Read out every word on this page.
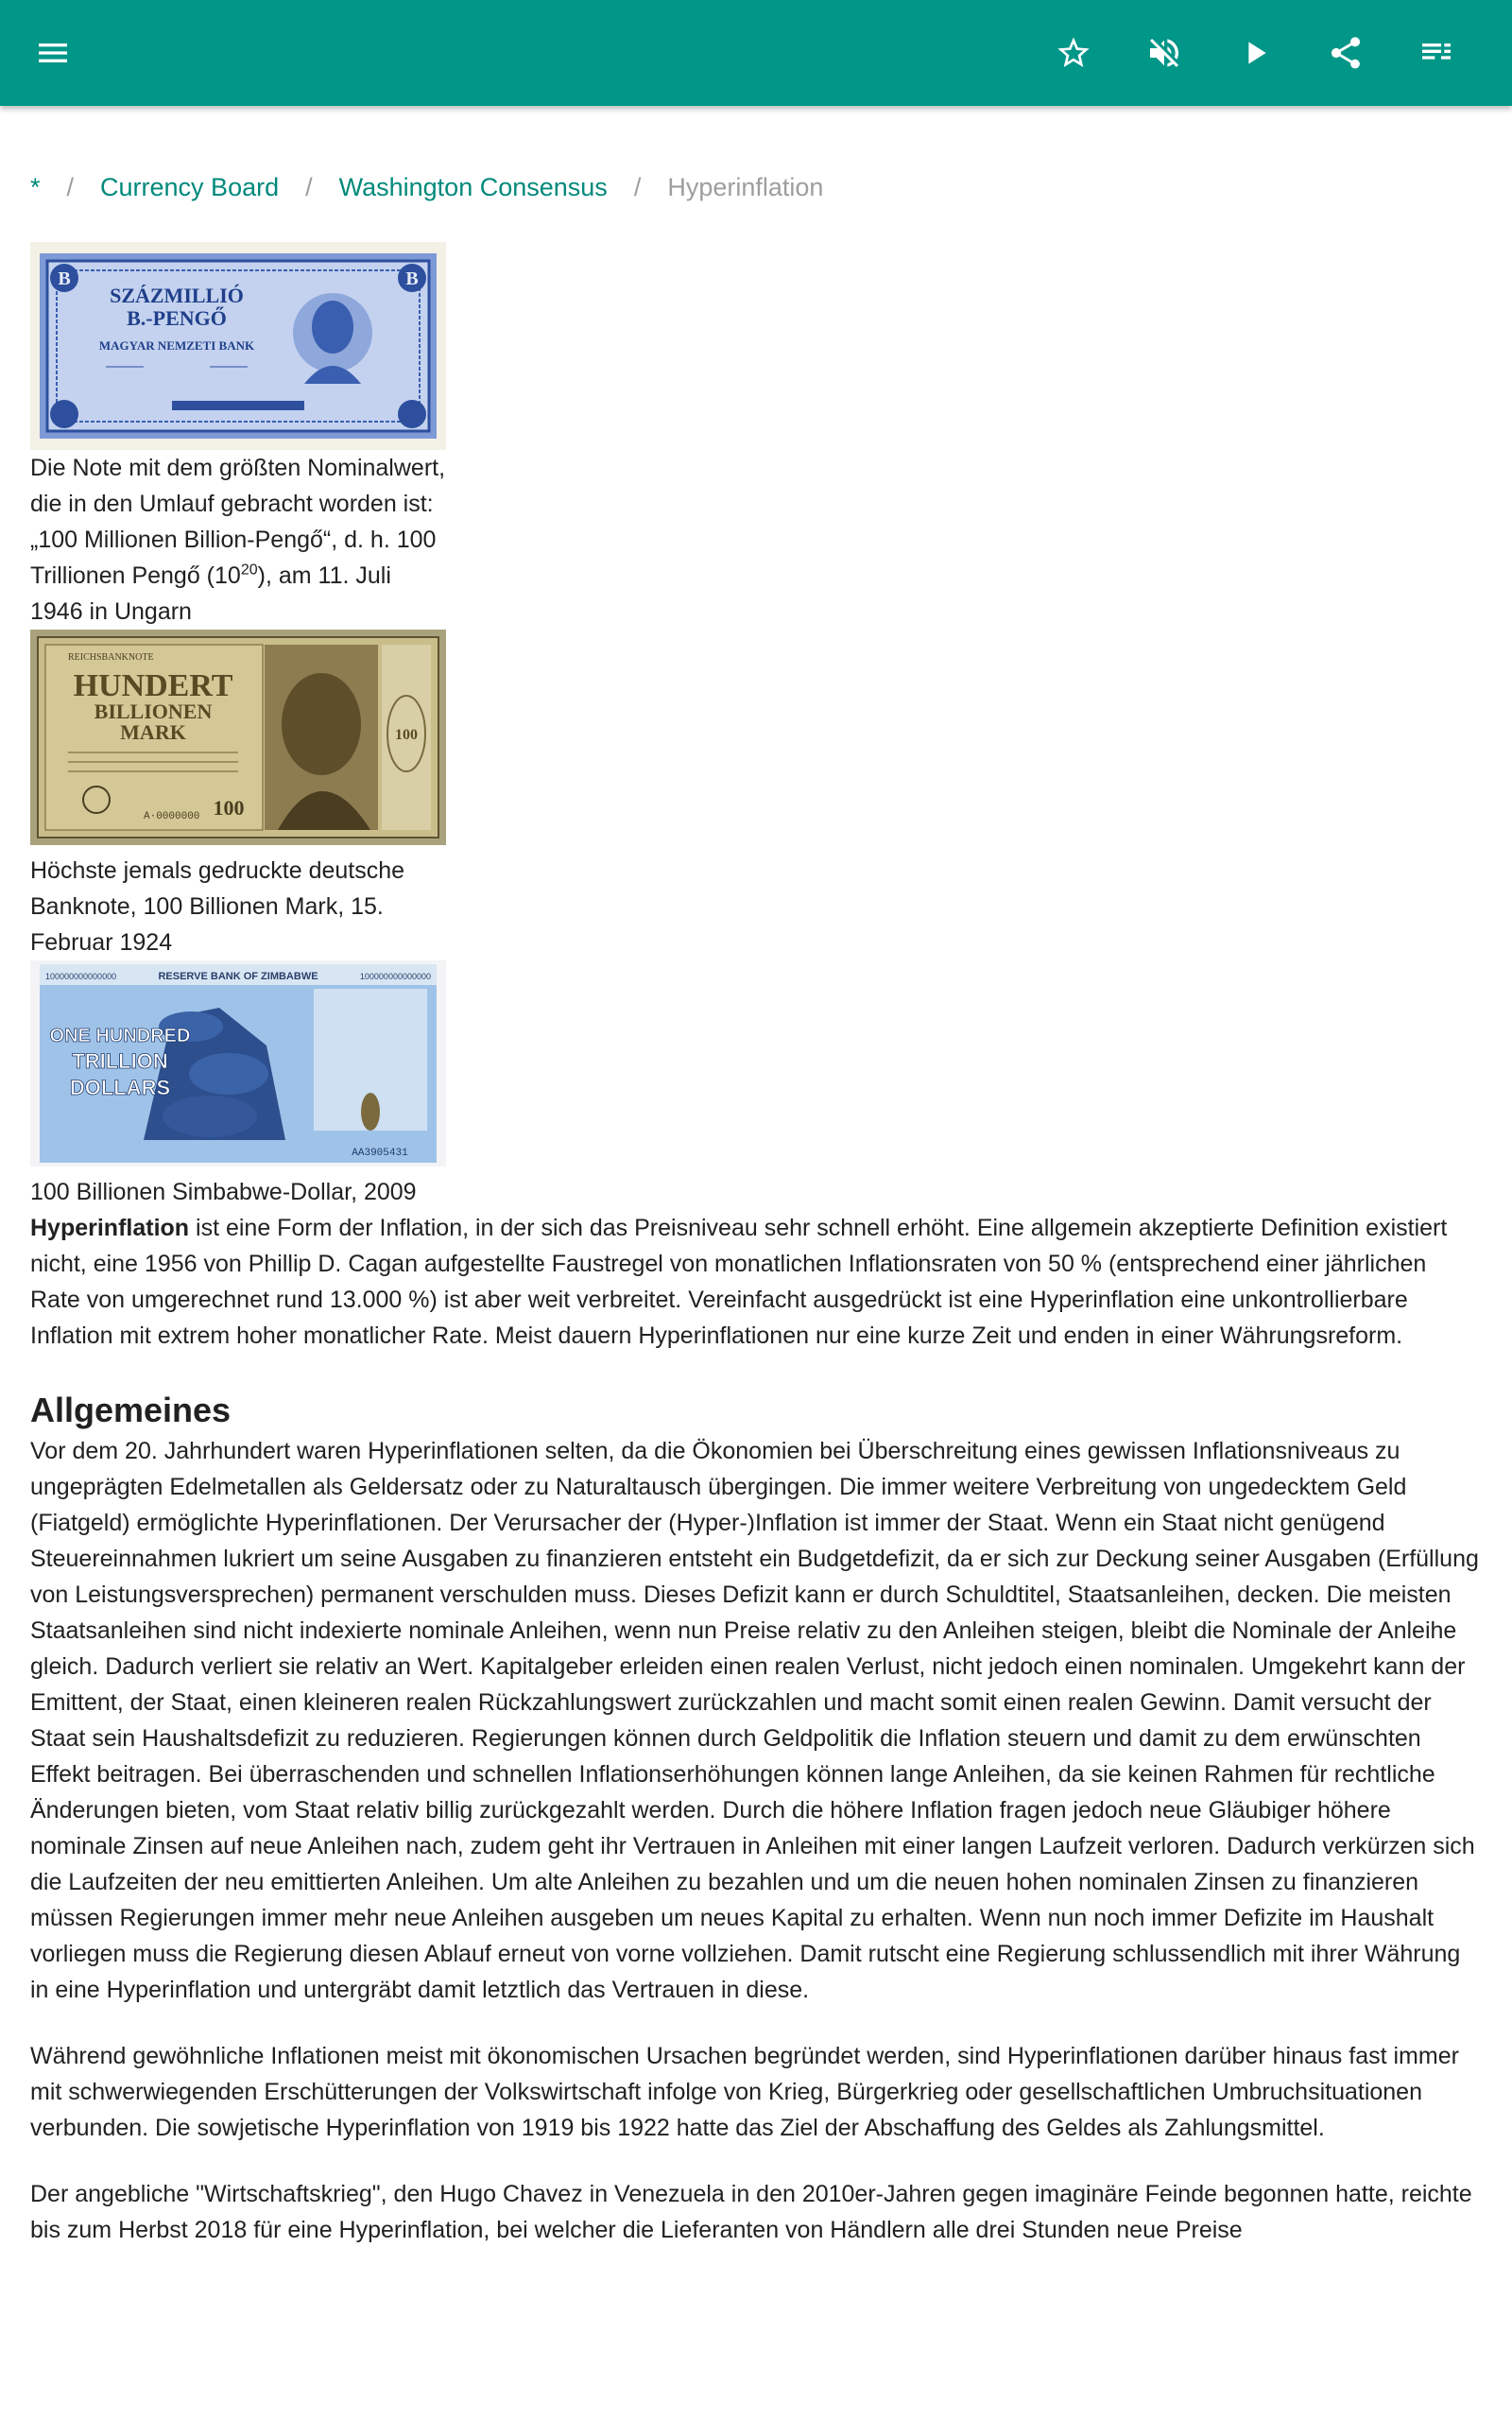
* / Currency Board / Washington Consensus / Hyperinflation
B	B
SZÁZMILLIÓ
B.-PENGŐ
MAGYAR NEMZETI BANK
Die Note mit dem größten Nominalwert, die in den Umlauf gebracht worden ist: „100 Millionen Billion-Pengő“, d. h. 100 Trillionen Pengő $(10^{20})$, am 11. Juli 1946 in Ungarn
REICHSBANKNOTE
HUNDERT
BILLIONEN
MARK
A·0000000 100
100
Höchste jemals gedruckte deutsche Banknote, 100 Billionen Mark, 15. Februar 1924
100000000000000	RESERVE BANK OF ZIMBABWE	100000000000000
ONE HUNDRED
TRILLION
DOLLARS
AA3905431
100 Billionen Simbabwe-Dollar, 2009

Hyperinflation ist eine Form der Inflation, in der sich das Preisniveau sehr schnell erhöht. Eine allgemein akzeptierte Definition existiert nicht, eine 1956 von Phillip D. Cagan aufgestellte Faustregel von monatlichen Inflationsraten von 50 % (entsprechend einer jährlichen Rate von umgerechnet rund 13.000 %) ist aber weit verbreitet. Vereinfacht ausgedrückt ist eine Hyperinflation eine unkontrollierbare Inflation mit extrem hoher monatlicher Rate. Meist dauern Hyperinflationen nur eine kurze Zeit und enden in einer Währungsreform.

Allgemeines

Vor dem 20. Jahrhundert waren Hyperinflationen selten, da die Ökonomien bei Überschreitung eines gewissen Inflationsniveaus zu ungeprägten Edelmetallen als Geldersatz oder zu Naturaltausch übergingen. Die immer weitere Verbreitung von ungedecktem Geld (Fiatgeld) ermöglichte Hyperinflationen. Der Verursacher der (Hyper-)Inflation ist immer der Staat. Wenn ein Staat nicht genügend Steuereinnahmen lukriert um seine Ausgaben zu finanzieren entsteht ein Budgetdefizit, da er sich zur Deckung seiner Ausgaben (Erfüllung von Leistungsversprechen) permanent verschulden muss. Dieses Defizit kann er durch Schuldtitel, Staatsanleihen, decken. Die meisten Staatsanleihen sind nicht indexierte nominale Anleihen, wenn nun Preise relativ zu den Anleihen steigen, bleibt die Nominale der Anleihe gleich. Dadurch verliert sie relativ an Wert. Kapitalgeber erleiden einen realen Verlust, nicht jedoch einen nominalen. Umgekehrt kann der Emittent, der Staat, einen kleineren realen Rückzahlungswert zurückzahlen und macht somit einen realen Gewinn. Damit versucht der Staat sein Haushaltsdefizit zu reduzieren. Regierungen können durch Geldpolitik die Inflation steuern und damit zu dem erwünschten Effekt beitragen. Bei überraschenden und schnellen Inflationserhöhungen können lange Anleihen, da sie keinen Rahmen für rechtliche Änderungen bieten, vom Staat relativ billig zurückgezahlt werden. Durch die höhere Inflation fragen jedoch neue Gläubiger höhere nominale Zinsen auf neue Anleihen nach, zudem geht ihr Vertrauen in Anleihen mit einer langen Laufzeit verloren. Dadurch verkürzen sich die Laufzeiten der neu emittierten Anleihen. Um alte Anleihen zu bezahlen und um die neuen hohen nominalen Zinsen zu finanzieren müssen Regierungen immer mehr neue Anleihen ausgeben um neues Kapital zu erhalten. Wenn nun noch immer Defizite im Haushalt vorliegen muss die Regierung diesen Ablauf erneut von vorne vollziehen. Damit rutscht eine Regierung schlussendlich mit ihrer Währung in eine Hyperinflation und untergräbt damit letztlich das Vertrauen in diese.

Während gewöhnliche Inflationen meist mit ökonomischen Ursachen begründet werden, sind Hyperinflationen darüber hinaus fast immer mit schwerwiegenden Erschütterungen der Volkswirtschaft infolge von Krieg, Bürgerkrieg oder gesellschaftlichen Umbruchsituationen verbunden. Die sowjetische Hyperinflation von 1919 bis 1922 hatte das Ziel der Abschaffung des Geldes als Zahlungsmittel.

Der angebliche "Wirtschaftskrieg", den Hugo Chavez in Venezuela in den 2010er-Jahren gegen imaginäre Feinde begonnen hatte, reichte bis zum Herbst 2018 für eine Hyperinflation, bei welcher die Lieferanten von Händlern alle drei Stunden neue Preise
